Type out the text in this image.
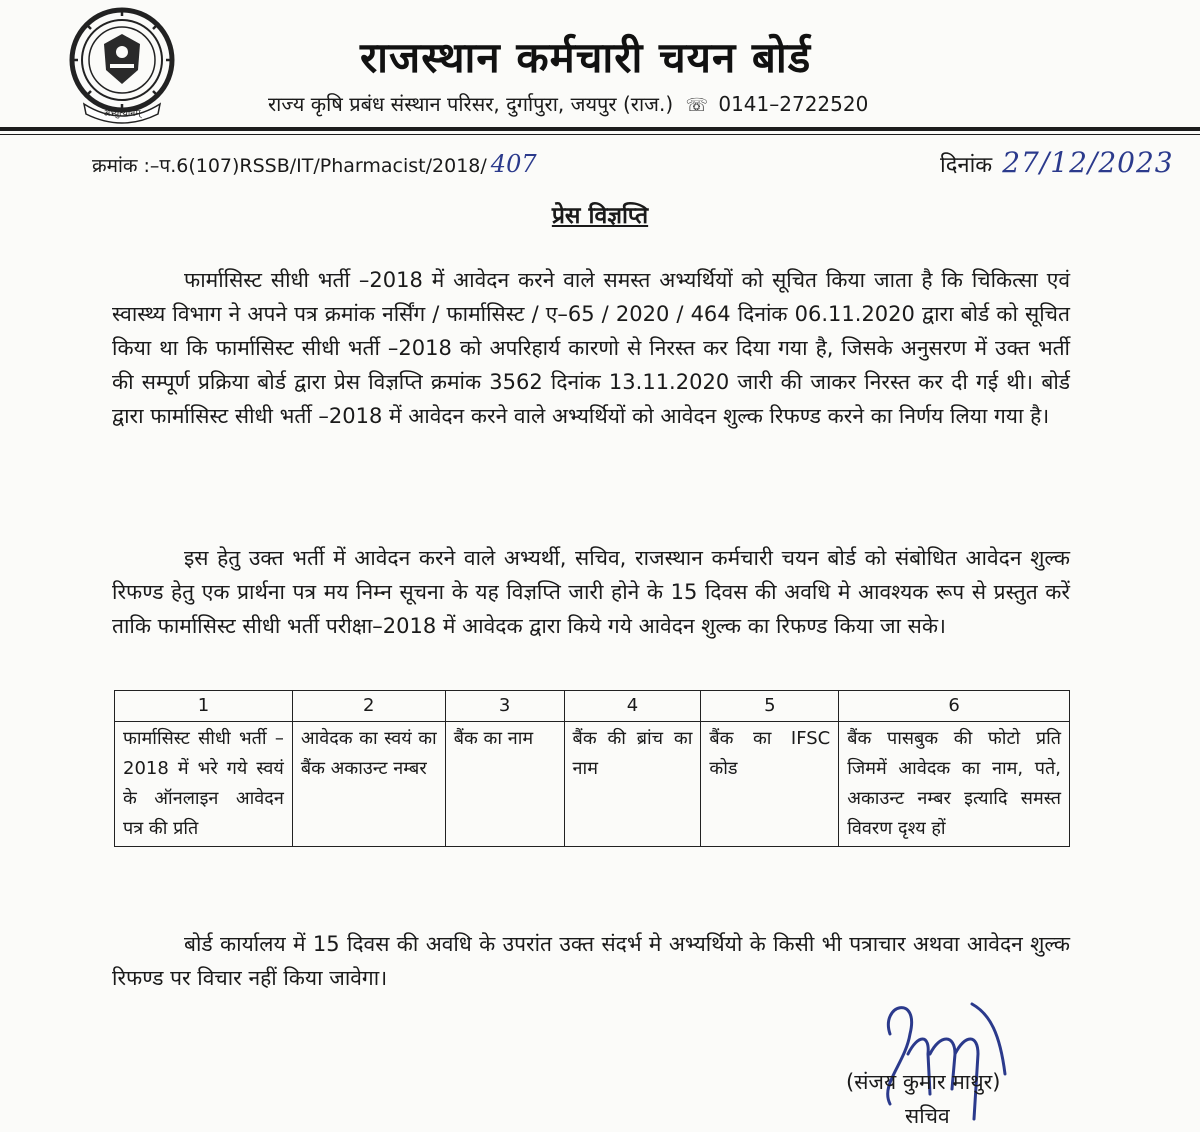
अभ्युत्थानम्
राजस्थान कर्मचारी चयन बोर्ड
राज्य कृषि प्रबंध संस्थान परिसर, दुर्गापुरा, जयपुर (राज.) ☏ 0141–2722520
क्रमांक :–प.6(107)RSSB/IT/Pharmacist/2018/ 407	दिनांक 27/12/2023
प्रेस विज्ञप्ति

फार्मासिस्ट सीधी भर्ती –2018 में आवेदन करने वाले समस्त अभ्यर्थियों को सूचित किया जाता है कि चिकित्सा एवं स्वास्थ्य विभाग ने अपने पत्र क्रमांक नर्सिंग / फार्मासिस्ट / ए–65 / 2020 / 464 दिनांक 06.11.2020 द्वारा बोर्ड को सूचित किया था कि फार्मासिस्ट सीधी भर्ती –2018 को अपरिहार्य कारणो से निरस्त कर दिया गया है, जिसके अनुसरण में उक्त भर्ती की सम्पूर्ण प्रक्रिया बोर्ड द्वारा प्रेस विज्ञप्ति क्रमांक 3562 दिनांक 13.11.2020 जारी की जाकर निरस्त कर दी गई थी। बोर्ड द्वारा फार्मासिस्ट सीधी भर्ती –2018 में आवेदन करने वाले अभ्यर्थियों को आवेदन शुल्क रिफण्ड करने का निर्णय लिया गया है।

इस हेतु उक्त भर्ती में आवेदन करने वाले अभ्यर्थी, सचिव, राजस्थान कर्मचारी चयन बोर्ड को संबोधित आवेदन शुल्क रिफण्ड हेतु एक प्रार्थना पत्र मय निम्न सूचना के यह विज्ञप्ति जारी होने के 15 दिवस की अवधि मे आवश्यक रूप से प्रस्तुत करें ताकि फार्मासिस्ट सीधी भर्ती परीक्षा–2018 में आवेदक द्वारा किये गये आवेदन शुल्क का रिफण्ड किया जा सके।

1	2	3	4	5	6
फार्मासिस्ट सीधी भर्ती – 2018 में भरे गये स्वयं के ऑनलाइन आवेदन पत्र की प्रति	आवेदक का स्वयं का बैंक अकाउन्ट नम्बर	बैंक का नाम	बैंक की ब्रांच का नाम	बैंक का IFSC कोड	बैंक पासबुक की फोटो प्रति जिममें आवेदक का नाम, पते, अकाउन्ट नम्बर इत्यादि समस्त विवरण दृश्य हों

बोर्ड कार्यालय में 15 दिवस की अवधि के उपरांत उक्त संदर्भ मे अभ्यर्थियो के किसी भी पत्राचार अथवा आवेदन शुल्क रिफण्ड पर विचार नहीं किया जावेगा।

(संजय कुमार माथुर)
सचिव
